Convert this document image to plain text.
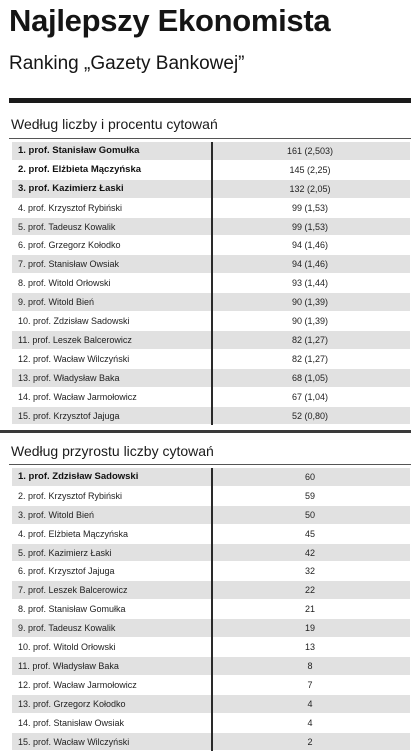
Najlepszy Ekonomista
Ranking „Gazety Bankowej”
Według liczby i procentu cytowań
1. prof. Stanisław Gomułka	161 (2,503)
2. prof. Elżbieta Mączyńska	145 (2,25)
3. prof. Kazimierz Łaski	132 (2,05)
4. prof. Krzysztof Rybiński	99 (1,53)
5. prof. Tadeusz Kowalik	99 (1,53)
6. prof. Grzegorz Kołodko	94 (1,46)
7. prof. Stanisław Owsiak	94 (1,46)
8. prof. Witold Orłowski	93 (1,44)
9. prof. Witold Bień	90 (1,39)
10. prof. Zdzisław Sadowski	90 (1,39)
11. prof. Leszek Balcerowicz	82 (1,27)
12. prof. Wacław Wilczyński	82 (1,27)
13. prof. Władysław Baka	68 (1,05)
14. prof. Wacław Jarmołowicz	67 (1,04)
15. prof. Krzysztof Jajuga	52 (0,80)
Według przyrostu liczby cytowań
1. prof. Zdzisław Sadowski	60
2. prof. Krzysztof Rybiński	59
3. prof. Witold Bień	50
4. prof. Elżbieta Mączyńska	45
5. prof. Kazimierz Łaski	42
6. prof. Krzysztof Jajuga	32
7. prof. Leszek Balcerowicz	22
8. prof. Stanisław Gomułka	21
9. prof. Tadeusz Kowalik	19
10. prof. Witold Orłowski	13
11. prof. Władysław Baka	8
12. prof. Wacław Jarmołowicz	7
13. prof. Grzegorz Kołodko	4
14. prof. Stanisław Owsiak	4
15. prof. Wacław Wilczyński	2
